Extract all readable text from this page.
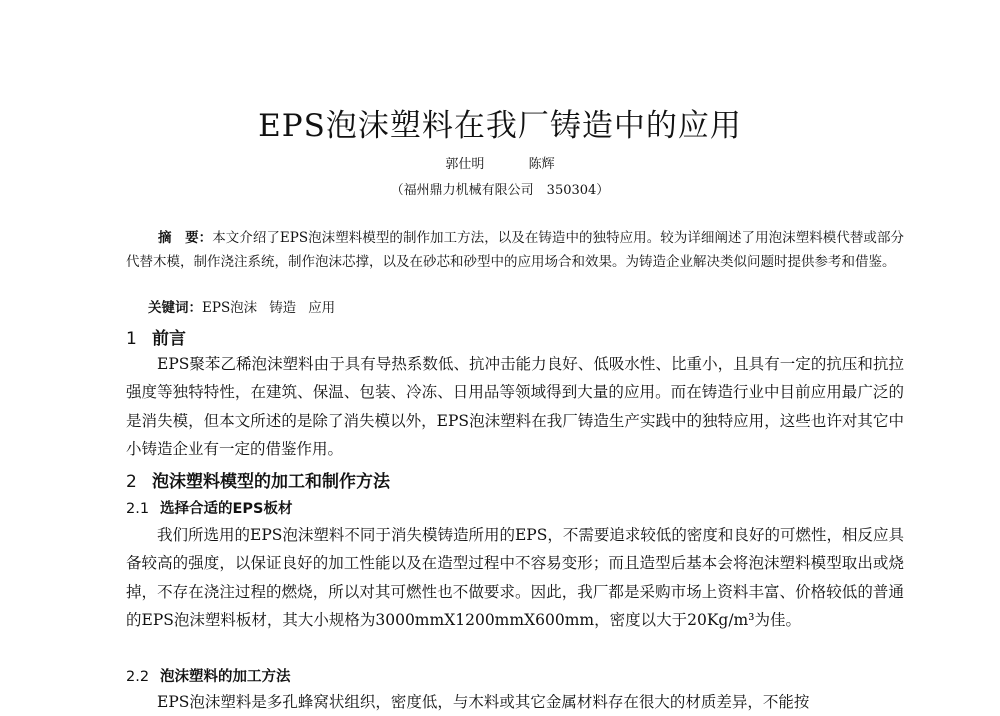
EPS泡沫塑料在我厂铸造中的应用
郭仕明	陈辉
（福州鼎力机械有限公司　350304）
摘　要：本文介绍了EPS泡沫塑料模型的制作加工方法，以及在铸造中的独特应用。较为详细阐述了用泡沫塑料模代替或部分代替木模，制作浇注系统，制作泡沫芯撑，以及在砂芯和砂型中的应用场合和效果。为铸造企业解决类似问题时提供参考和借鉴。
关键词：EPS泡沫 铸造 应用
1 前言
EPS聚苯乙稀泡沫塑料由于具有导热系数低、抗冲击能力良好、低吸水性、比重小，且具有一定的抗压和抗拉强度等独特特性，在建筑、保温、包装、冷冻、日用品等领域得到大量的应用。而在铸造行业中目前应用最广泛的是消失模，但本文所述的是除了消失模以外，EPS泡沫塑料在我厂铸造生产实践中的独特应用，这些也许对其它中小铸造企业有一定的借鉴作用。
2 泡沫塑料模型的加工和制作方法
2.1 选择合适的EPS板材
我们所选用的EPS泡沫塑料不同于消失模铸造所用的EPS，不需要追求较低的密度和良好的可燃性，相反应具备较高的强度，以保证良好的加工性能以及在造型过程中不容易变形；而且造型后基本会将泡沫塑料模型取出或烧掉，不存在浇注过程的燃烧，所以对其可燃性也不做要求。因此，我厂都是采购市场上资料丰富、价格较低的普通的EPS泡沫塑料板材，其大小规格为3000mmX1200mmX600mm，密度以大于20Kg/m³为佳。
2.2 泡沫塑料的加工方法
EPS泡沫塑料是多孔蜂窝状组织，密度低，与木料或其它金属材料存在很大的材质差异，不能按
